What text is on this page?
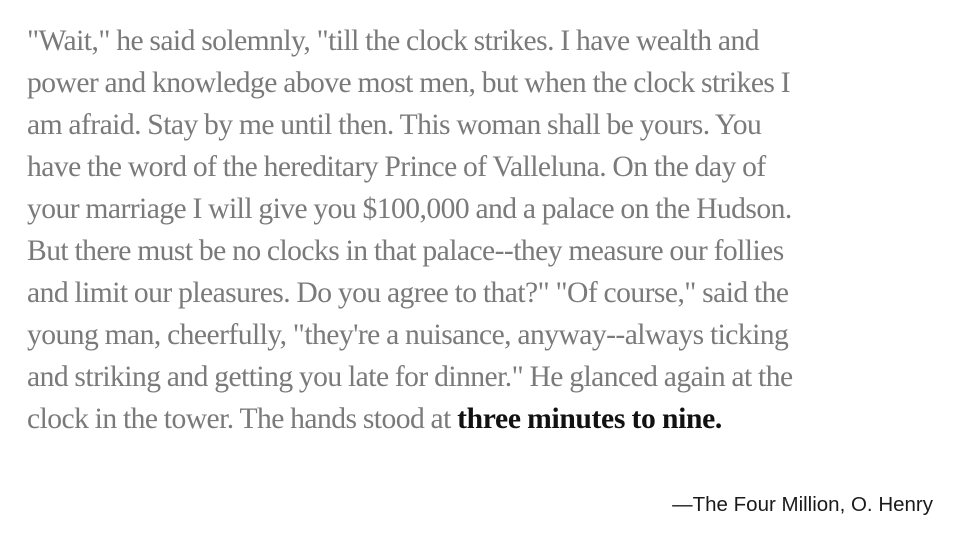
"Wait," he said solemnly, "till the clock strikes. I have wealth and
power and knowledge above most men, but when the clock strikes I
am afraid. Stay by me until then. This woman shall be yours. You
have the word of the hereditary Prince of Valleluna. On the day of
your marriage I will give you $100,000 and a palace on the Hudson.
But there must be no clocks in that palace--they measure our follies
and limit our pleasures. Do you agree to that?" "Of course," said the
young man, cheerfully, "they're a nuisance, anyway--always ticking
and striking and getting you late for dinner." He glanced again at the
clock in the tower. The hands stood at three minutes to nine.

—The Four Million, O. Henry
